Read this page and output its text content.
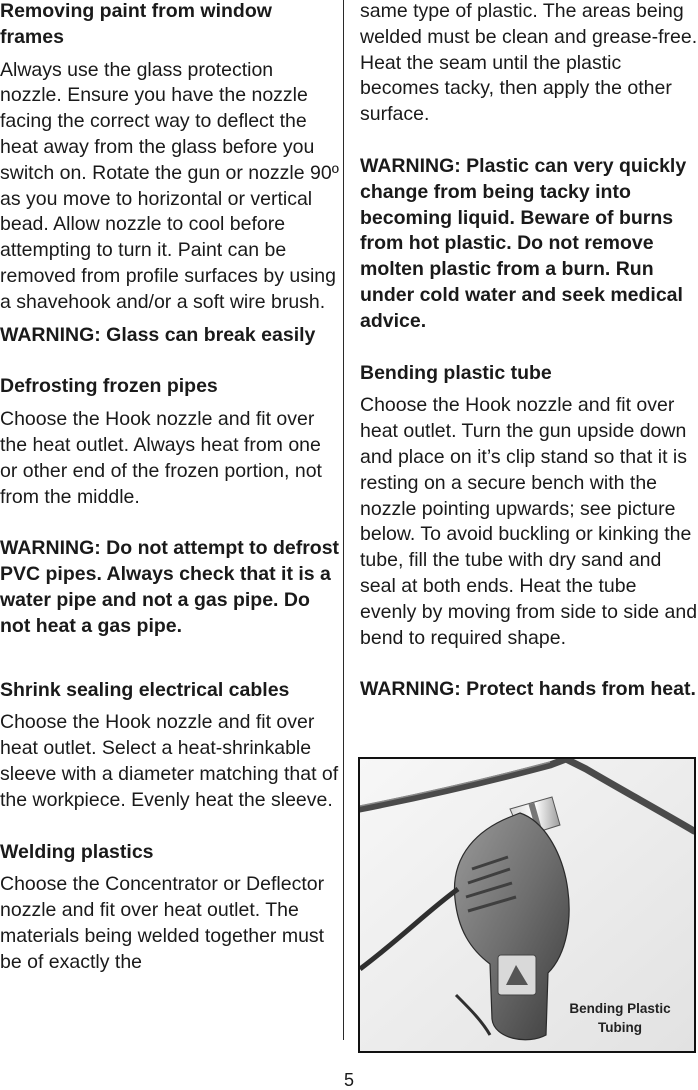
Removing paint from window frames

Always use the glass protection nozzle. Ensure you have the nozzle facing the correct way to deflect the heat away from the glass before you switch on. Rotate the gun or nozzle 90º as you move to horizontal or vertical bead. Allow nozzle to cool before attempting to turn it. Paint can be removed from profile surfaces by using a shavehook and/or a soft wire brush.

WARNING: Glass can break easily

Defrosting frozen pipes

Choose the Hook nozzle and fit over the heat outlet. Always heat from one or other end of the frozen portion, not from the middle.

WARNING: Do not attempt to defrost PVC pipes. Always check that it is a water pipe and not a gas pipe. Do not heat a gas pipe.

Shrink sealing electrical cables

Choose the Hook nozzle and fit over heat outlet. Select a heat-shrinkable sleeve with a diameter matching that of the workpiece. Evenly heat the sleeve.

Welding plastics

Choose the Concentrator or Deflector nozzle and fit over heat outlet. The materials being welded together must be of exactly the

same type of plastic. The areas being welded must be clean and grease-free. Heat the seam until the plastic becomes tacky, then apply the other surface.

WARNING: Plastic can very quickly change from being tacky into becoming liquid. Beware of burns from hot plastic. Do not remove molten plastic from a burn. Run under cold water and seek medical advice.

Bending plastic tube

Choose the Hook nozzle and fit over heat outlet. Turn the gun upside down and place on it’s clip stand so that it is resting on a secure bench with the nozzle pointing upwards; see picture below. To avoid buckling or kinking the tube, fill the tube with dry sand and seal at both ends. Heat the tube evenly by moving from side to side and bend to required shape.

WARNING: Protect hands from heat.

Bending Plastic Tubing
5
